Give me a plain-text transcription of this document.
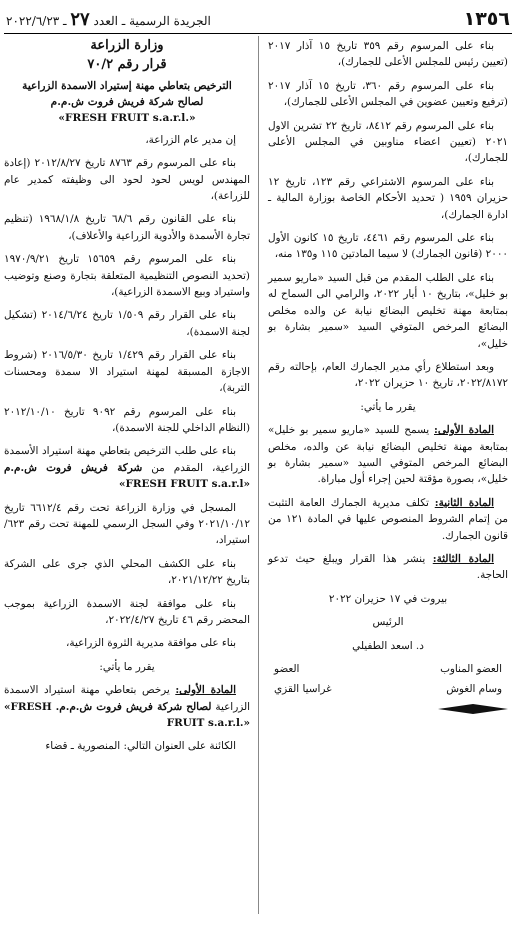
الجريدة الرسمية ـ العدد ٢٧ ـ ٢٠٢٢/٦/٢٣	١٣٥٦

بناء على المرسوم رقم ٣٥٩ تاريخ ١٥ آذار ٢٠١٧ (تعيين رئيس للمجلس الأعلى للجمارك)،

بناء على المرسوم رقم ٣٦٠، تاريخ ١٥ آذار ٢٠١٧ (ترفيع وتعيين عضوين في المجلس الأعلى للجمارك)،

بناء على المرسوم رقم ٨٤١٢، تاريخ ٢٢ تشرين الاول ٢٠٢١ (تعيين اعضاء مناوبين في المجلس الأعلى للجمارك)،

بناء على المرسوم الاشتراعي رقم ١٢٣، تاريخ ١٢ حزيران ١٩٥٩ ( تحديد الأحكام الخاصة بوزارة المالية ـ ادارة الجمارك)،

بناء على المرسوم رقم ٤٤٦١، تاريخ ١٥ كانون الأول ٢٠٠٠ (قانون الجمارك) لا سيما المادتين ١١٥ و١٣٥ منه،

بناء على الطلب المقدم من قبل السيد «ماريو سمير بو خليل»، بتاريخ ١٠ أيار ٢٠٢٢، والرامي الى السماح له بمتابعة مهنة تخليص البضائع نيابة عن والده مخلص البضائع المرخص المتوفي السيد «سمير بشارة بو خليل»،

وبعد استطلاع رأي مدير الجمارك العام، بإحالته رقم ٢٠٢٢/٨١٧٢، تاريخ ١٠ حزيران ٢٠٢٢،

يقرر ما يأتي:

المادة الأولى: يسمح للسيد «ماريو سمير بو خليل» بمتابعة مهنة تخليص البضائع نيابة عن والده، مخلص البضائع المرخص المتوفي السيد «سمير بشارة بو خليل»، بصورة مؤقتة لحين إجراء أول مباراة.

المادة الثانية: تكلف مديرية الجمارك العامة التثبت من إتمام الشروط المنصوص عليها في المادة ١٢١ من قانون الجمارك.

المادة الثالثة: ينشر هذا القرار ويبلغ حيث تدعو الحاجة.

بيروت في ١٧ حزيران ٢٠٢٢

الرئيس

د. اسعد الطفيلي

العضو المناوب
العضو
وسام الغوش
غراسيا القزي
وزارة الزراعة
قرار رقم ٧٠/٢
الترخيص بتعاطي مهنة إستيراد الاسمدة الزراعية
لصالح شركة فريش فروت ش.م.م
«FRESH FRUIT s.a.r.l.»

إن مدير عام الزراعة،

بناء على المرسوم رقم ٨٧٦٣ تاريخ ٢٠١٢/٨/٢٧ (إعادة المهندس لويس لحود لحود الى وظيفته كمدير عام للزراعة)،

بناء على القانون رقم ٦٨/٦ تاريخ ١٩٦٨/١/٨ (تنظيم تجارة الأسمدة والأدوية الزراعية والأعلاف)،

بناء على المرسوم رقم ١٥٦٥٩ تاريخ ١٩٧٠/٩/٢١ (تحديد النصوص التنظيمية المتعلقة بتجارة وصنع وتوضيب واستيراد وبيع الاسمدة الزراعية)،

بناء على القرار رقم ١/٥٠٩ تاريخ ٢٠١٤/٦/٢٤ (تشكيل لجنة الاسمدة)،

بناء على القرار رقم ١/٤٢٩ تاريخ ٢٠١٦/٥/٣٠ (شروط الاجازة المسبقة لمهنة استيراد الا سمدة ومحسنات التربة)،

بناء على المرسوم رقم ٩٠٩٢ تاريخ ٢٠١٢/١٠/١٠ (النظام الداخلي للجنة الاسمدة)،

بناء على طلب الترخيص بتعاطي مهنة استيراد الأسمدة الزراعية، المقدم من شركة فريش فروت ش.م.م «FRESH FRUIT s.a.r.l»

المسجل في وزارة الزراعة تحت رقم ٦٦١٢/٤ تاريخ ٢٠٢١/١٠/١٢ وفي السجل الرسمي للمهنة تحت رقم ٦٢٣/استيراد،

بناء على الكشف المحلي الذي جرى على الشركة بتاريخ ٢٠٢١/١٢/٢٢،

بناء على موافقة لجنة الاسمدة الزراعية بموجب المحضر رقم ٤٦ تاريخ ٢٠٢٢/٤/٢٧،

بناء على موافقة مديرية الثروة الزراعية،

يقرر ما يأتي:

المادة الأولى: يرخص بتعاطي مهنة استيراد الاسمدة الزراعية لصالح شركة فريش فروت ش.م.م. «FRESH FRUIT s.a.r.l.»

الكائنة على العنوان التالي: المنصورية ـ قضاء
